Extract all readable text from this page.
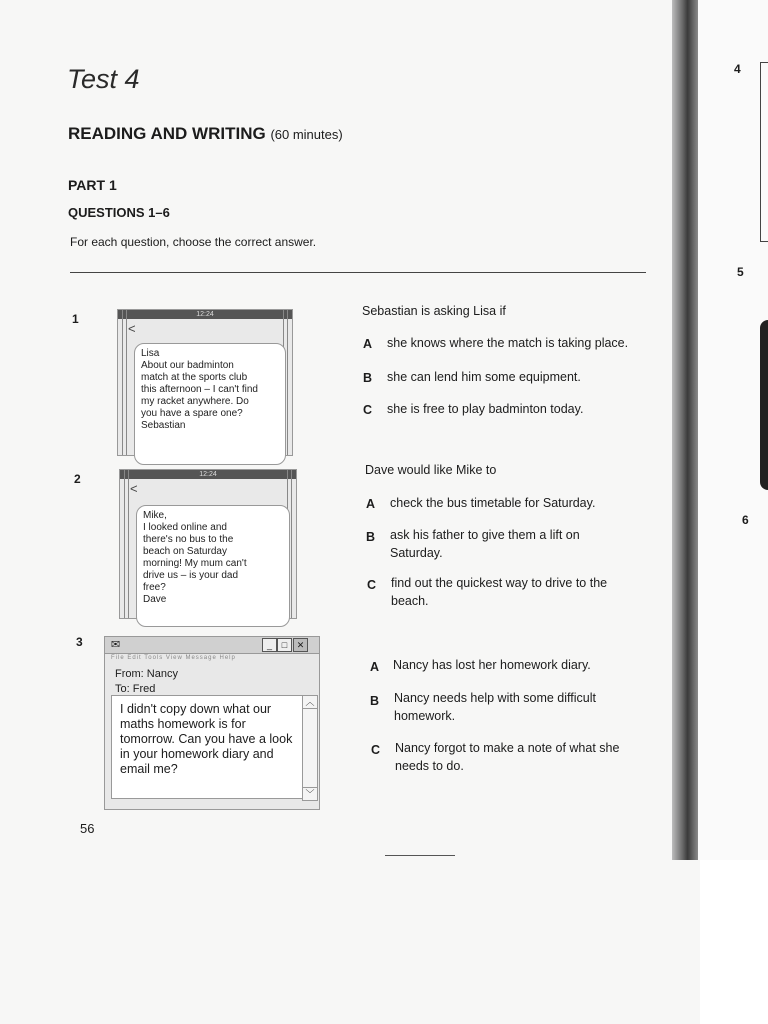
Test 4
READING AND WRITING (60 minutes)
PART 1
QUESTIONS 1–6
For each question, choose the correct answer.
1	12:24
<
Lisa
About our badminton
match at the sports club
this afternoon – I can't find
my racket anywhere. Do
you have a spare one?
Sebastian
Sebastian is asking Lisa if
A she knows where the match is taking place.
B she can lend him some equipment.
C she is free to play badminton today.
2	12:24
<
Mike,
I looked online and
there's no bus to the
beach on Saturday
morning! My mum can't
drive us – is your dad
free?
Dave
Dave would like Mike to
A check the bus timetable for Saturday.
B ask his father to give them a lift on Saturday.
C find out the quickest way to drive to the beach.
3	✉	_	□	✕
File Edit Tools View Message Help
From: Nancy
To: Fred
I didn't copy down what our maths homework is for tomorrow. Can you have a look in your homework diary and email me?
︿
﹀
A Nancy has lost her homework diary.
B Nancy needs help with some difficult homework.
C Nancy forgot to make a note of what she needs to do.
56
4
5
6
